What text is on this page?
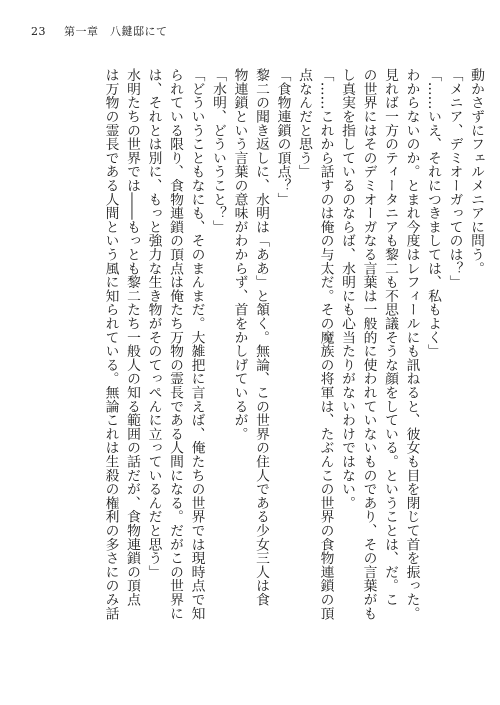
23 第一章　八鍵邸にて

動かさずにフェルメニアに問う。

「メニア、デミオーガってのは？」

「……いえ、それにつきましては、私もよく」

わからないのか。とまれ今度はレフィールにも訊ねると、彼女も目を閉じて首を振った。

見れば一方のティータニアも黎二も不思議そうな顔をしている。ということは、だ。こ

の世界にはそのデミオーガなる言葉は一般的に使われていないものであり、その言葉がも

し真実を指しているのならば、水明にも心当たりがないわけではない。

「……これから話すのは俺の与太だ。その魔族の将軍は、たぶんこの世界の食物連鎖の頂

点なんだと思う」

「食物連鎖の頂点？」

黎二の聞き返しに、水明は「ああ」と頷く。無論、この世界の住人である少女三人は食

物連鎖という言葉の意味がわからず、首をかしげているが。

「水明、どういうこと？」

「どういうこともなにも、そのまんまだ。大雑把に言えば、俺たちの世界では現時点で知

られている限り、食物連鎖の頂点は俺たち万物の霊長である人間になる。だがこの世界に

は、それとは別に、もっと強力な生き物がそのてっぺんに立っているんだと思う」

水明たちの世界では――もっとも黎二たち一般人の知る範囲の話だが、食物連鎖の頂点

は万物の霊長である人間という風に知られている。無論これは生殺の権利の多さにのみ話
